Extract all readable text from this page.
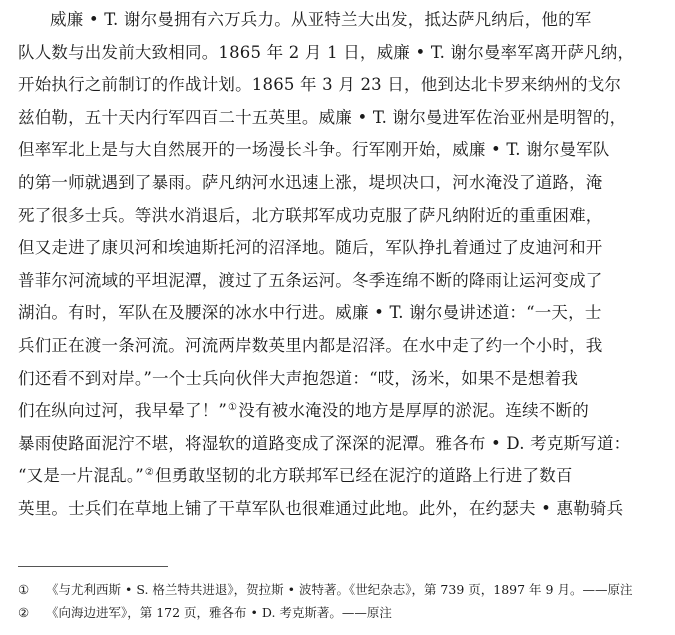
威廉 • T. 谢尔曼拥有六万兵力。从亚特兰大出发，抵达萨凡纳后，他的军
队人数与出发前大致相同。1865 年 2 月 1 日，威廉 • T. 谢尔曼率军离开萨凡纳，
开始执行之前制订的作战计划。1865 年 3 月 23 日，他到达北卡罗来纳州的戈尔
兹伯勒，五十天内行军四百二十五英里。威廉 • T. 谢尔曼进军佐治亚州是明智的，
但率军北上是与大自然展开的一场漫长斗争。行军刚开始，威廉 • T. 谢尔曼军队
的第一师就遇到了暴雨。萨凡纳河水迅速上涨，堤坝决口，河水淹没了道路，淹
死了很多士兵。等洪水消退后，北方联邦军成功克服了萨凡纳附近的重重困难，
但又走进了康贝河和埃迪斯托河的沼泽地。随后，军队挣扎着通过了皮迪河和开
普菲尔河流域的平坦泥潭，渡过了五条运河。冬季连绵不断的降雨让运河变成了
湖泊。有时，军队在及腰深的冰水中行进。威廉 • T. 谢尔曼讲述道：“一天，士
兵们正在渡一条河流。河流两岸数英里内都是沼泽。在水中走了约一个小时，我
们还看不到对岸。”一个士兵向伙伴大声抱怨道：“哎，汤米，如果不是想着我
们在纵向过河，我早晕了！”①没有被水淹没的地方是厚厚的淤泥。连续不断的
暴雨使路面泥泞不堪，将湿软的道路变成了深深的泥潭。雅各布 • D. 考克斯写道：
“又是一片混乱。”②但勇敢坚韧的北方联邦军已经在泥泞的道路上行进了数百
英里。士兵们在草地上铺了干草军队也很难通过此地。此外，在约瑟夫 • 惠勒骑兵
① 《与尤利西斯 • S. 格兰特共进退》，贺拉斯 • 波特著。《世纪杂志》，第 739 页，1897 年 9 月。——原注
② 《向海边进军》，第 172 页，雅各布 • D. 考克斯著。——原注
